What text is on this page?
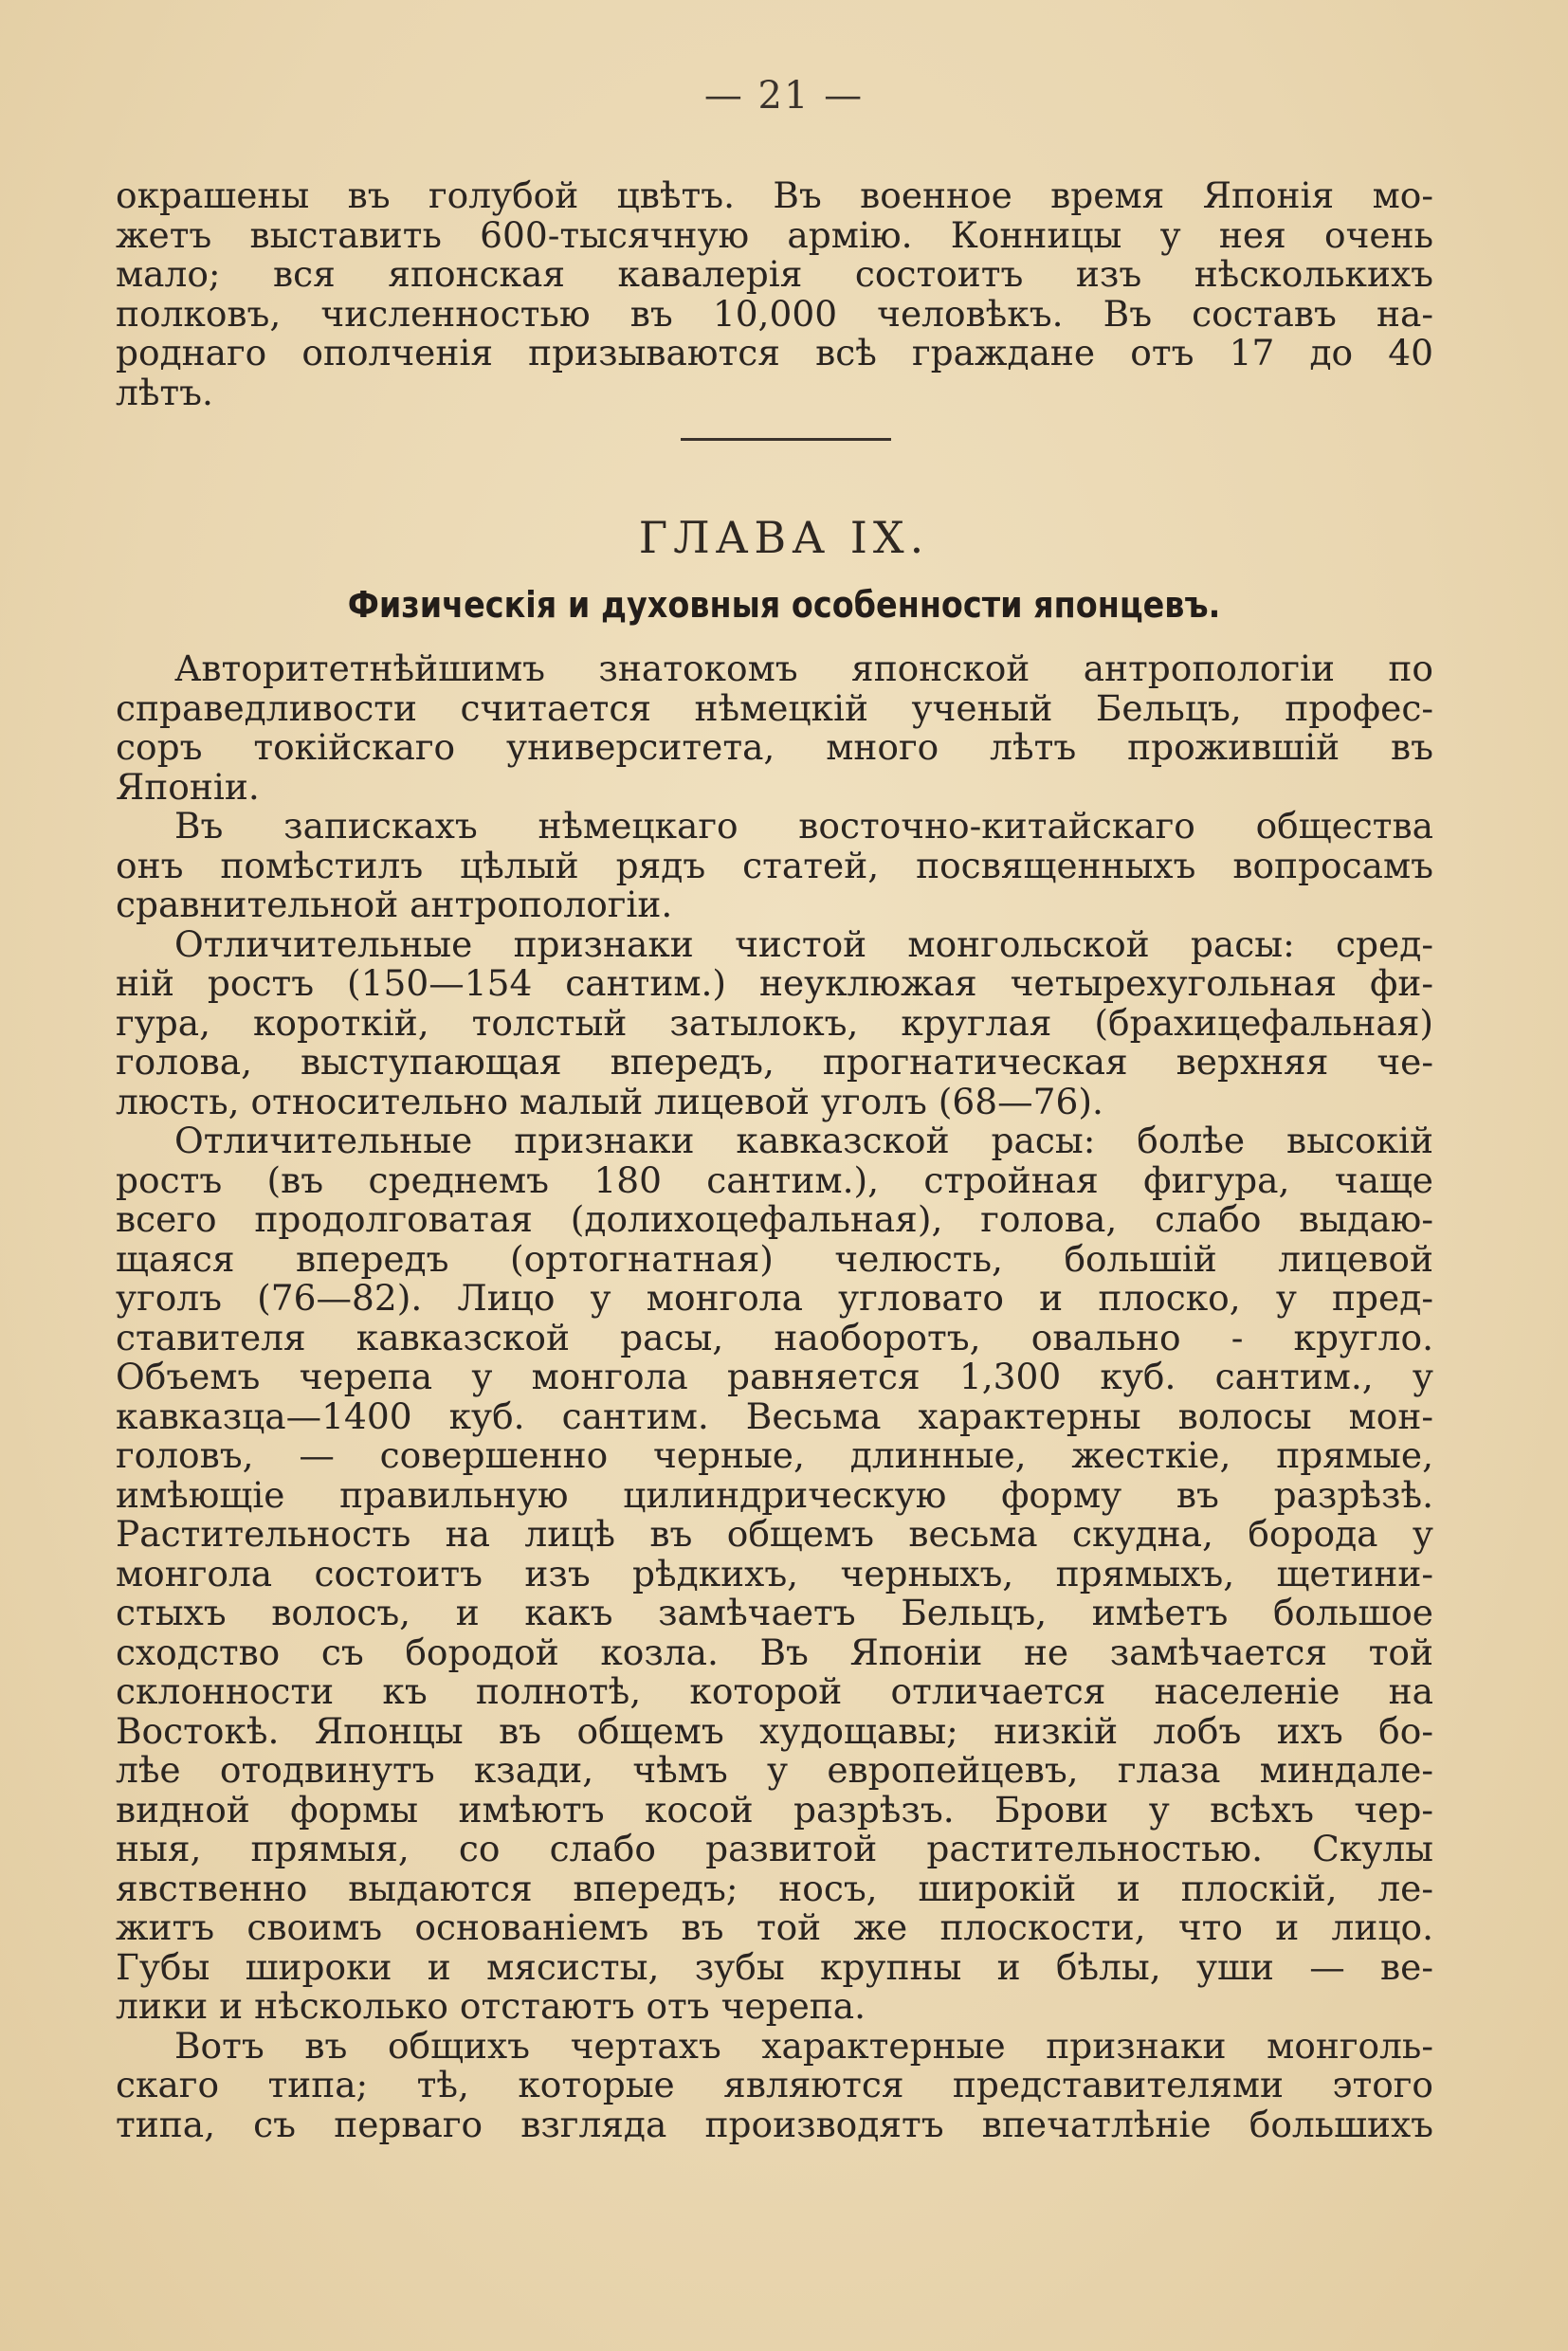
— 21 —

окрашены въ голубой цвѣтъ. Въ военное время Японія мо-
жетъ выставить 600-тысячную армію. Конницы у нея очень
мало; вся японская кавалерія состоитъ изъ нѣсколькихъ
полковъ, численностью въ 10,000 человѣкъ. Въ составъ на-
роднаго ополченія призываются всѣ граждане отъ 17 до 40
лѣтъ.

ГЛАВА IX.
Физическія и духовныя особенности японцевъ.

Авторитетнѣйшимъ знатокомъ японской антропологіи по
справедливости считается нѣмецкій ученый Бельцъ, профес-
соръ токійскаго университета, много лѣтъ прожившій въ
Японіи.

Въ запискахъ нѣмецкаго восточно-китайскаго общества
онъ помѣстилъ цѣлый рядъ статей, посвященныхъ вопросамъ
сравнительной антропологіи.

Отличительные признаки чистой монгольской расы: сред-
ній ростъ (150—154 сантим.) неуклюжая четырехугольная фи-
гура, короткій, толстый затылокъ, круглая (брахицефальная)
голова, выступающая впередъ, прогнатическая верхняя че-
люсть, относительно малый лицевой уголъ (68—76).

Отличительные признаки кавказской расы: болѣе высокій
ростъ (въ среднемъ 180 сантим.), стройная фигура, чаще
всего продолговатая (долихоцефальная), голова, слабо выдаю-
щаяся впередъ (ортогнатная) челюсть, большій лицевой
уголъ (76—82). Лицо у монгола угловато и плоско, у пред-
ставителя кавказской расы, наоборотъ, овально - кругло.
Объемъ черепа у монгола равняется 1,300 куб. сантим., у
кавказца—1400 куб. сантим. Весьма характерны волосы мон-
головъ, — совершенно черные, длинные, жесткіе, прямые,
имѣющіе правильную цилиндрическую форму въ разрѣзѣ.
Растительность на лицѣ въ общемъ весьма скудна, борода у
монгола состоитъ изъ рѣдкихъ, черныхъ, прямыхъ, щетини-
стыхъ волосъ, и какъ замѣчаетъ Бельцъ, имѣетъ большое
сходство съ бородой козла. Въ Японіи не замѣчается той
склонности къ полнотѣ, которой отличается населеніе на
Востокѣ. Японцы въ общемъ худощавы; низкій лобъ ихъ бо-
лѣе отодвинутъ кзади, чѣмъ у европейцевъ, глаза миндале-
видной формы имѣютъ косой разрѣзъ. Брови у всѣхъ чер-
ныя, прямыя, со слабо развитой растительностью. Скулы
явственно выдаются впередъ; носъ, широкій и плоскій, ле-
житъ своимъ основаніемъ въ той же плоскости, что и лицо.
Губы широки и мясисты, зубы крупны и бѣлы, уши — ве-
лики и нѣсколько отстаютъ отъ черепа.

Вотъ въ общихъ чертахъ характерные признаки монголь-
скаго типа; тѣ, которые являются представителями этого
типа, съ перваго взгляда производятъ впечатлѣніе большихъ
